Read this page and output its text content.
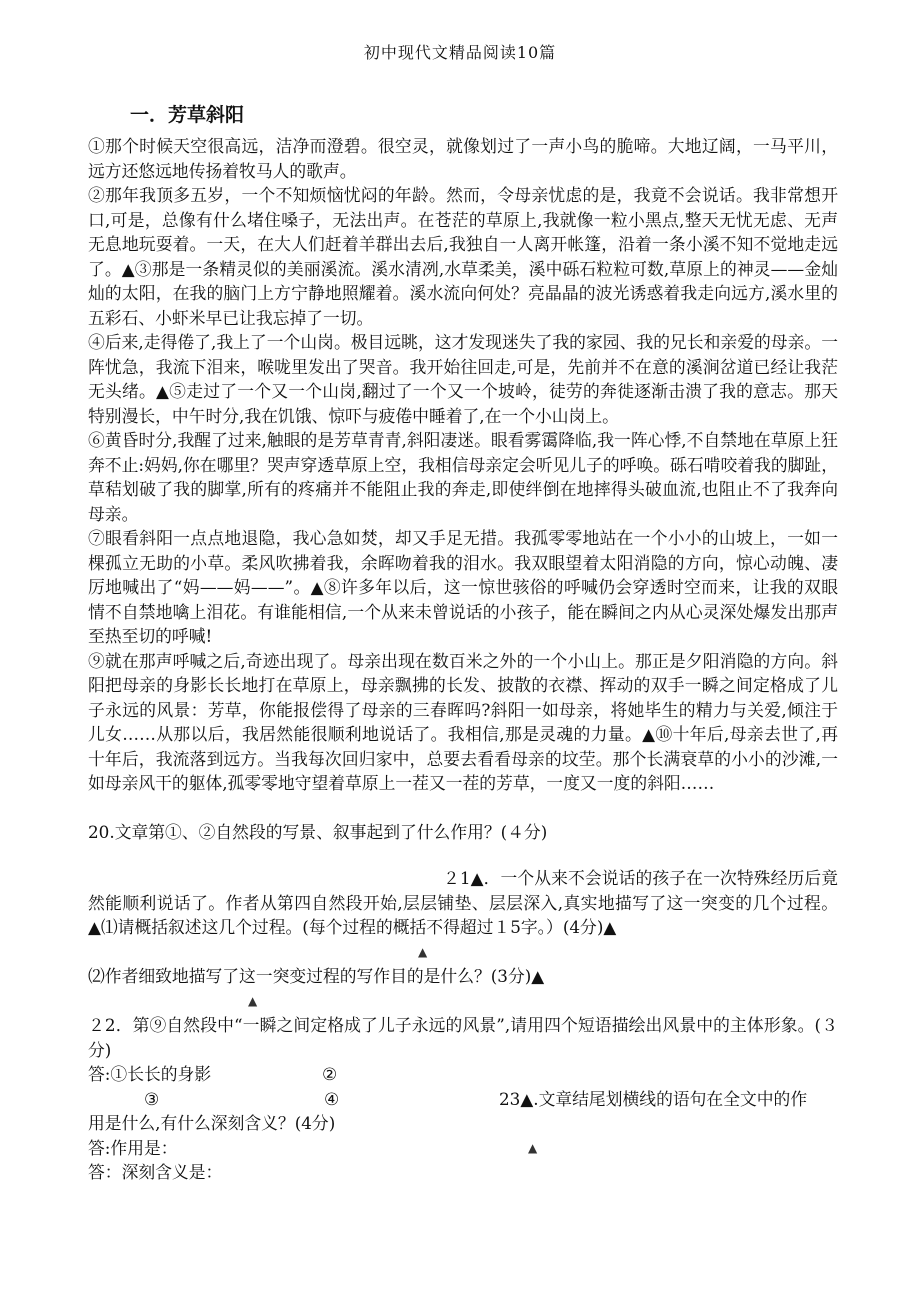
初中现代文精品阅读10篇
一．芳草斜阳

①那个时候天空很高远，洁净而澄碧。很空灵，就像划过了一声小鸟的脆啼。大地辽阔，一马平川，远方还悠远地传扬着牧马人的歌声。

②那年我顶多五岁，一个不知烦恼忧闷的年龄。然而，令母亲忧虑的是，我竟不会说话。我非常想开口,可是，总像有什么堵住嗓子，无法出声。在苍茫的草原上,我就像一粒小黑点,整天无忧无虑、无声无息地玩耍着。一天，在大人们赶着羊群出去后,我独自一人离开帐篷，沿着一条小溪不知不觉地走远了。▲③那是一条精灵似的美丽溪流。溪水清冽,水草柔美，溪中砾石粒粒可数,草原上的神灵——金灿灿的太阳，在我的脑门上方宁静地照耀着。溪水流向何处？亮晶晶的波光诱惑着我走向远方,溪水里的五彩石、小虾米早已让我忘掉了一切。

④后来,走得倦了,我上了一个山岗。极目远眺，这才发现迷失了我的家园、我的兄长和亲爱的母亲。一阵忧急，我流下泪来，喉咙里发出了哭音。我开始往回走,可是，先前并不在意的溪涧岔道已经让我茫无头绪。▲⑤走过了一个又一个山岗,翻过了一个又一个坡岭，徒劳的奔徙逐渐击溃了我的意志。那天特别漫长，中午时分,我在饥饿、惊吓与疲倦中睡着了,在一个小山岗上。

⑥黄昏时分,我醒了过来,触眼的是芳草青青,斜阳凄迷。眼看雾霭降临,我一阵心悸,不自禁地在草原上狂奔不止:妈妈,你在哪里？哭声穿透草原上空，我相信母亲定会听见儿子的呼唤。砾石啃咬着我的脚趾，草秸划破了我的脚掌,所有的疼痛并不能阻止我的奔走,即使绊倒在地摔得头破血流,也阻止不了我奔向母亲。

⑦眼看斜阳一点点地退隐，我心急如焚，却又手足无措。我孤零零地站在一个小小的山坡上，一如一棵孤立无助的小草。柔风吹拂着我，余晖吻着我的泪水。我双眼望着太阳消隐的方向，惊心动魄、凄厉地喊出了“妈——妈——”。▲⑧许多年以后，这一惊世骇俗的呼喊仍会穿透时空而来，让我的双眼情不自禁地噙上泪花。有谁能相信,一个从来未曾说话的小孩子，能在瞬间之内从心灵深处爆发出那声至热至切的呼喊!

⑨就在那声呼喊之后,奇迹出现了。母亲出现在数百米之外的一个小山上。那正是夕阳消隐的方向。斜阳把母亲的身影长长地打在草原上，母亲飘拂的长发、披散的衣襟、挥动的双手一瞬之间定格成了儿子永远的风景：芳草，你能报偿得了母亲的三春晖吗?斜阳一如母亲，将她毕生的精力与关爱,倾注于儿女……从那以后，我居然能很顺利地说话了。我相信,那是灵魂的力量。▲⑩十年后,母亲去世了,再十年后，我流落到远方。当我每次回归家中，总要去看看母亲的坟茔。那个长满衰草的小小的沙滩,一如母亲风干的躯体,孤零零地守望着草原上一茬又一茬的芳草，一度又一度的斜阳……

20.文章第①、②自然段的写景、叙事起到了什么作用？(４分)

２1▲．一个从来不会说话的孩子在一次特殊经历后竟然能顺利说话了。作者从第四自然段开始,层层铺垫、层层深入,真实地描写了这一突变的几个过程。▲⑴请概括叙述这几个过程。(每个过程的概括不得超过１5字。）(4分)▲

▲

⑵作者细致地描写了这一突变过程的写作目的是什么？(3分)▲

▲

２2．第⑨自然段中“一瞬之间定格成了儿子永远的风景”,请用四个短语描绘出风景中的主体形象。(３分)

答:①长长的身影	②
③	④	23▲.文章结尾划横线的语句在全文中的作

用是什么,有什么深刻含义？(4分)

答:作用是：	▲

答：深刻含义是：
